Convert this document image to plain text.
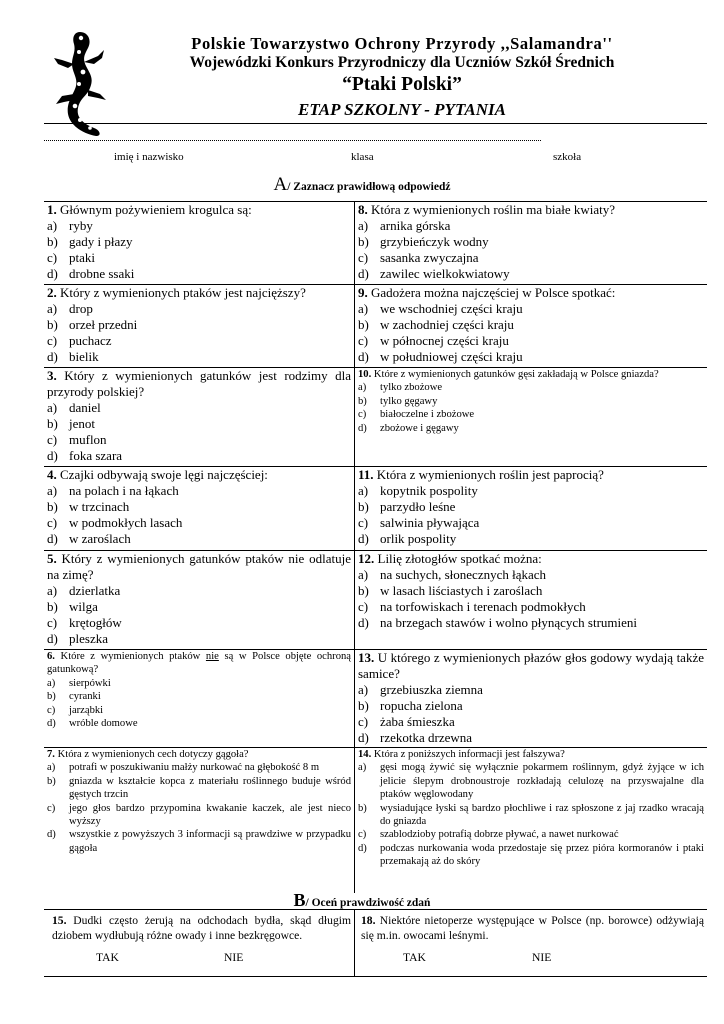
Polskie Towarzystwo Ochrony Przyrody ,,Salamandra''
Wojewódzki Konkurs Przyrodniczy dla Uczniów Szkół Średnich
“Ptaki Polski”
ETAP SZKOLNY - PYTANIA
imię i nazwisko	klasa	szkoła
A/ Zaznacz prawidłową odpowiedź
1. Głównym pożywieniem krogulca są:
a) ryby
b) gady i płazy
c) ptaki
d) drobne ssaki
8. Która z wymienionych roślin ma białe kwiaty?
a) arnika górska
b) grzybieńczyk wodny
c) sasanka zwyczajna
d) zawilec wielkokwiatowy
2. Który z wymienionych ptaków jest najcięższy?
a) drop
b) orzeł przedni
c) puchacz
d) bielik
9. Gadożera można najczęściej w Polsce spotkać:
a) we wschodniej części kraju
b) w zachodniej części kraju
c) w północnej części kraju
d) w południowej części kraju
3. Który z wymienionych gatunków jest rodzimy dla przyrody polskiej?
a) daniel
b) jenot
c) muflon
d) foka szara
10. Które z wymienionych gatunków gęsi zakładają w Polsce gniazda?
a)	tylko zbożowe
b)	tylko gęgawy
c)	białoczelne i zbożowe
d)	zbożowe i gęgawy
4. Czajki odbywają swoje lęgi najczęściej:
a) na polach i na łąkach
b) w trzcinach
c) w podmokłych lasach
d) w zaroślach
11. Która z wymienionych roślin jest paprocią?
a) kopytnik pospolity
b) parzydło leśne
c) salwinia pływająca
d) orlik pospolity
5. Który z wymienionych gatunków ptaków nie odlatuje na zimę?
a) dzierlatka
b) wilga
c) krętogłów
d) pleszka
12. Lilię złotogłów spotkać można:
a) na suchych, słonecznych łąkach
b) w lasach liściastych i zaroślach
c) na torfowiskach i terenach podmokłych
d) na brzegach stawów i wolno płynących strumieni
6. Które z wymienionych ptaków nie są w Polsce objęte ochroną gatunkową?
a)	sierpówki
b)	cyranki
c)	jarząbki
d)	wróble domowe
13. U którego z wymienionych płazów głos godowy wydają także samice?
a) grzebiuszka ziemna
b) ropucha zielona
c) żaba śmieszka
d) rzekotka drzewna
7. Która z wymienionych cech dotyczy gągoła?
a)	potrafi w poszukiwaniu małży nurkować na głębokość 8 m
b)	gniazda w kształcie kopca z materiału roślinnego buduje wśród gęstych trzcin
c)	jego głos bardzo przypomina kwakanie kaczek, ale jest nieco wyższy
d)	wszystkie z powyższych 3 informacji są prawdziwe w przypadku gągoła
14. Która z poniższych informacji jest fałszywa?
a)	gęsi mogą żywić się wyłącznie pokarmem roślinnym, gdyż żyjące w ich jelicie ślepym drobnoustroje rozkładają celulozę na przyswajalne dla ptaków węglowodany
b)	wysiadujące łyski są bardzo płochliwe i raz spłoszone z jaj rzadko wracają do gniazda
c)	szablodzioby potrafią dobrze pływać, a nawet nurkować
d)	podczas nurkowania woda przedostaje się przez pióra kormoranów i ptaki przemakają aż do skóry
B/ Oceń prawdziwość zdań
15. Dudki często żerują na odchodach bydła, skąd długim dziobem wydłubują różne owady i inne bezkręgowce.
TAK	NIE
18. Niektóre nietoperze występujące w Polsce (np. borowce) odżywiają się m.in. owocami leśnymi.
TAK	NIE
